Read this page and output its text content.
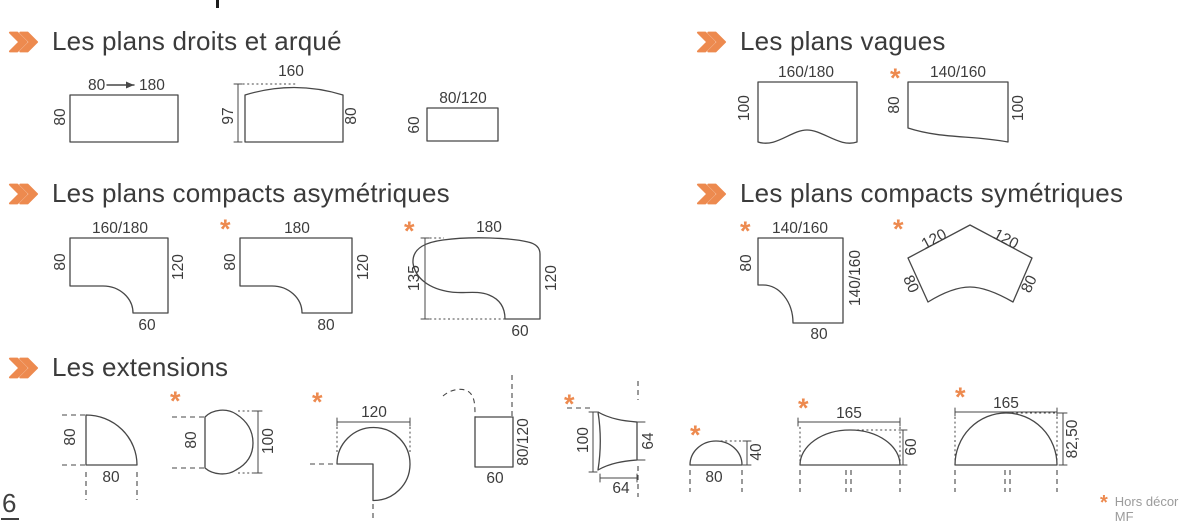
Les plans droits et arqué	Les plans vagues
Les plans compacts asymétriques	Les plans compacts symétriques
Les extensions
80 180
80
160
97	80
80/120
60
160/180
100
* 140/160
80	100
160/180
80	120
60
*	180
80	120
80
*	180
135	120
60
* 140/160
80	140/160
80
* 120	120
80	80
80
80
*
80	100
* 120
60
80/120
*
100	64
64
*
40
80
* 165
60
* 165
82,50
6	* Hors décor MF
